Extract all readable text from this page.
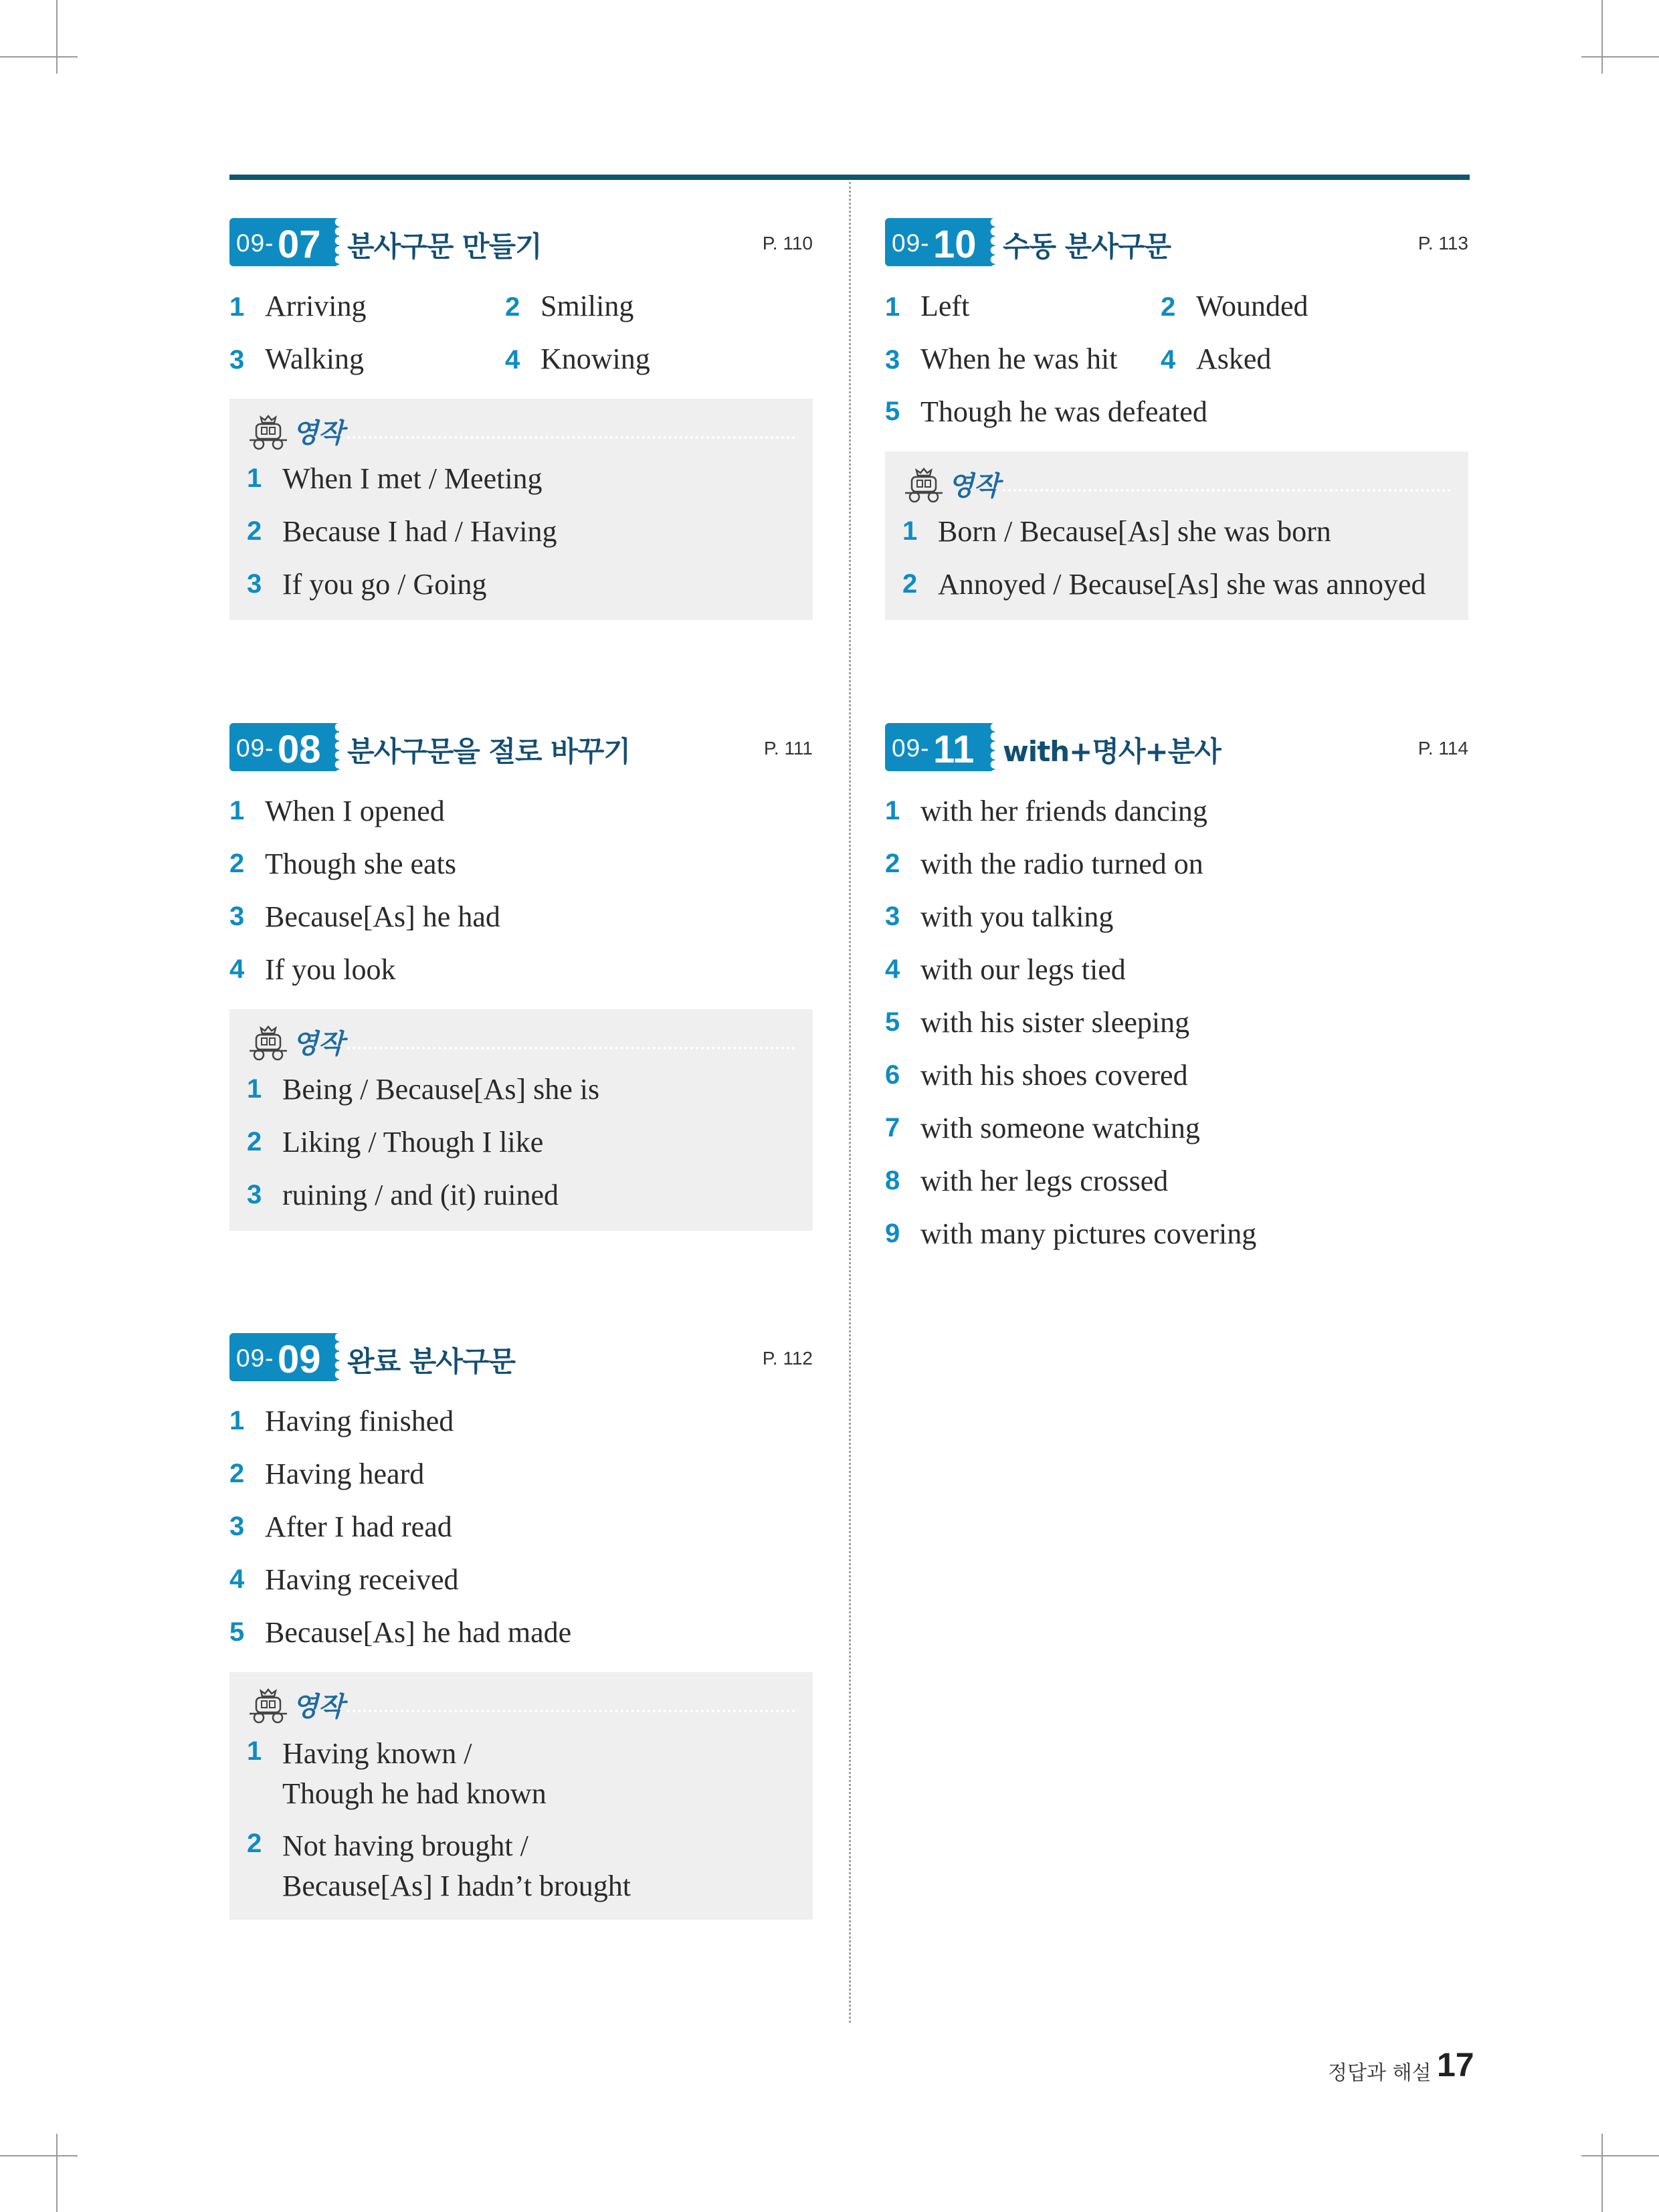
09- 07 분사구문 만들기	P. 110
1 Arriving	2 Smiling
3 Walking	4 Knowing
영작
1 When I met / Meeting
2 Because I had / Having
3 If you go / Going
09- 08 분사구문을 절로 바꾸기	P. 111
1 When I opened
2 Though she eats
3 Because[As] he had
4 If you look
영작
1 Being / Because[As] she is
2 Liking / Though I like
3 ruining / and (it) ruined
09- 09 완료 분사구문	P. 112
1 Having finished
2 Having heard
3 After I had read
4 Having received
5 Because[As] he had made
영작
1 Having known /
Though he had known
2 Not having brought /
Because[As] I hadn’t brought
09- 10 수동 분사구문	P. 113
1 Left	2 Wounded
3 When he was hit 4 Asked
5 Though he was defeated
영작
1 Born / Because[As] she was born
2 Annoyed / Because[As] she was annoyed
09- 11 with+명사+분사	P. 114
1 with her friends dancing
2 with the radio turned on
3 with you talking
4 with our legs tied
5 with his sister sleeping
6 with his shoes covered
7 with someone watching
8 with her legs crossed
9 with many pictures covering
정답과 해설 17
